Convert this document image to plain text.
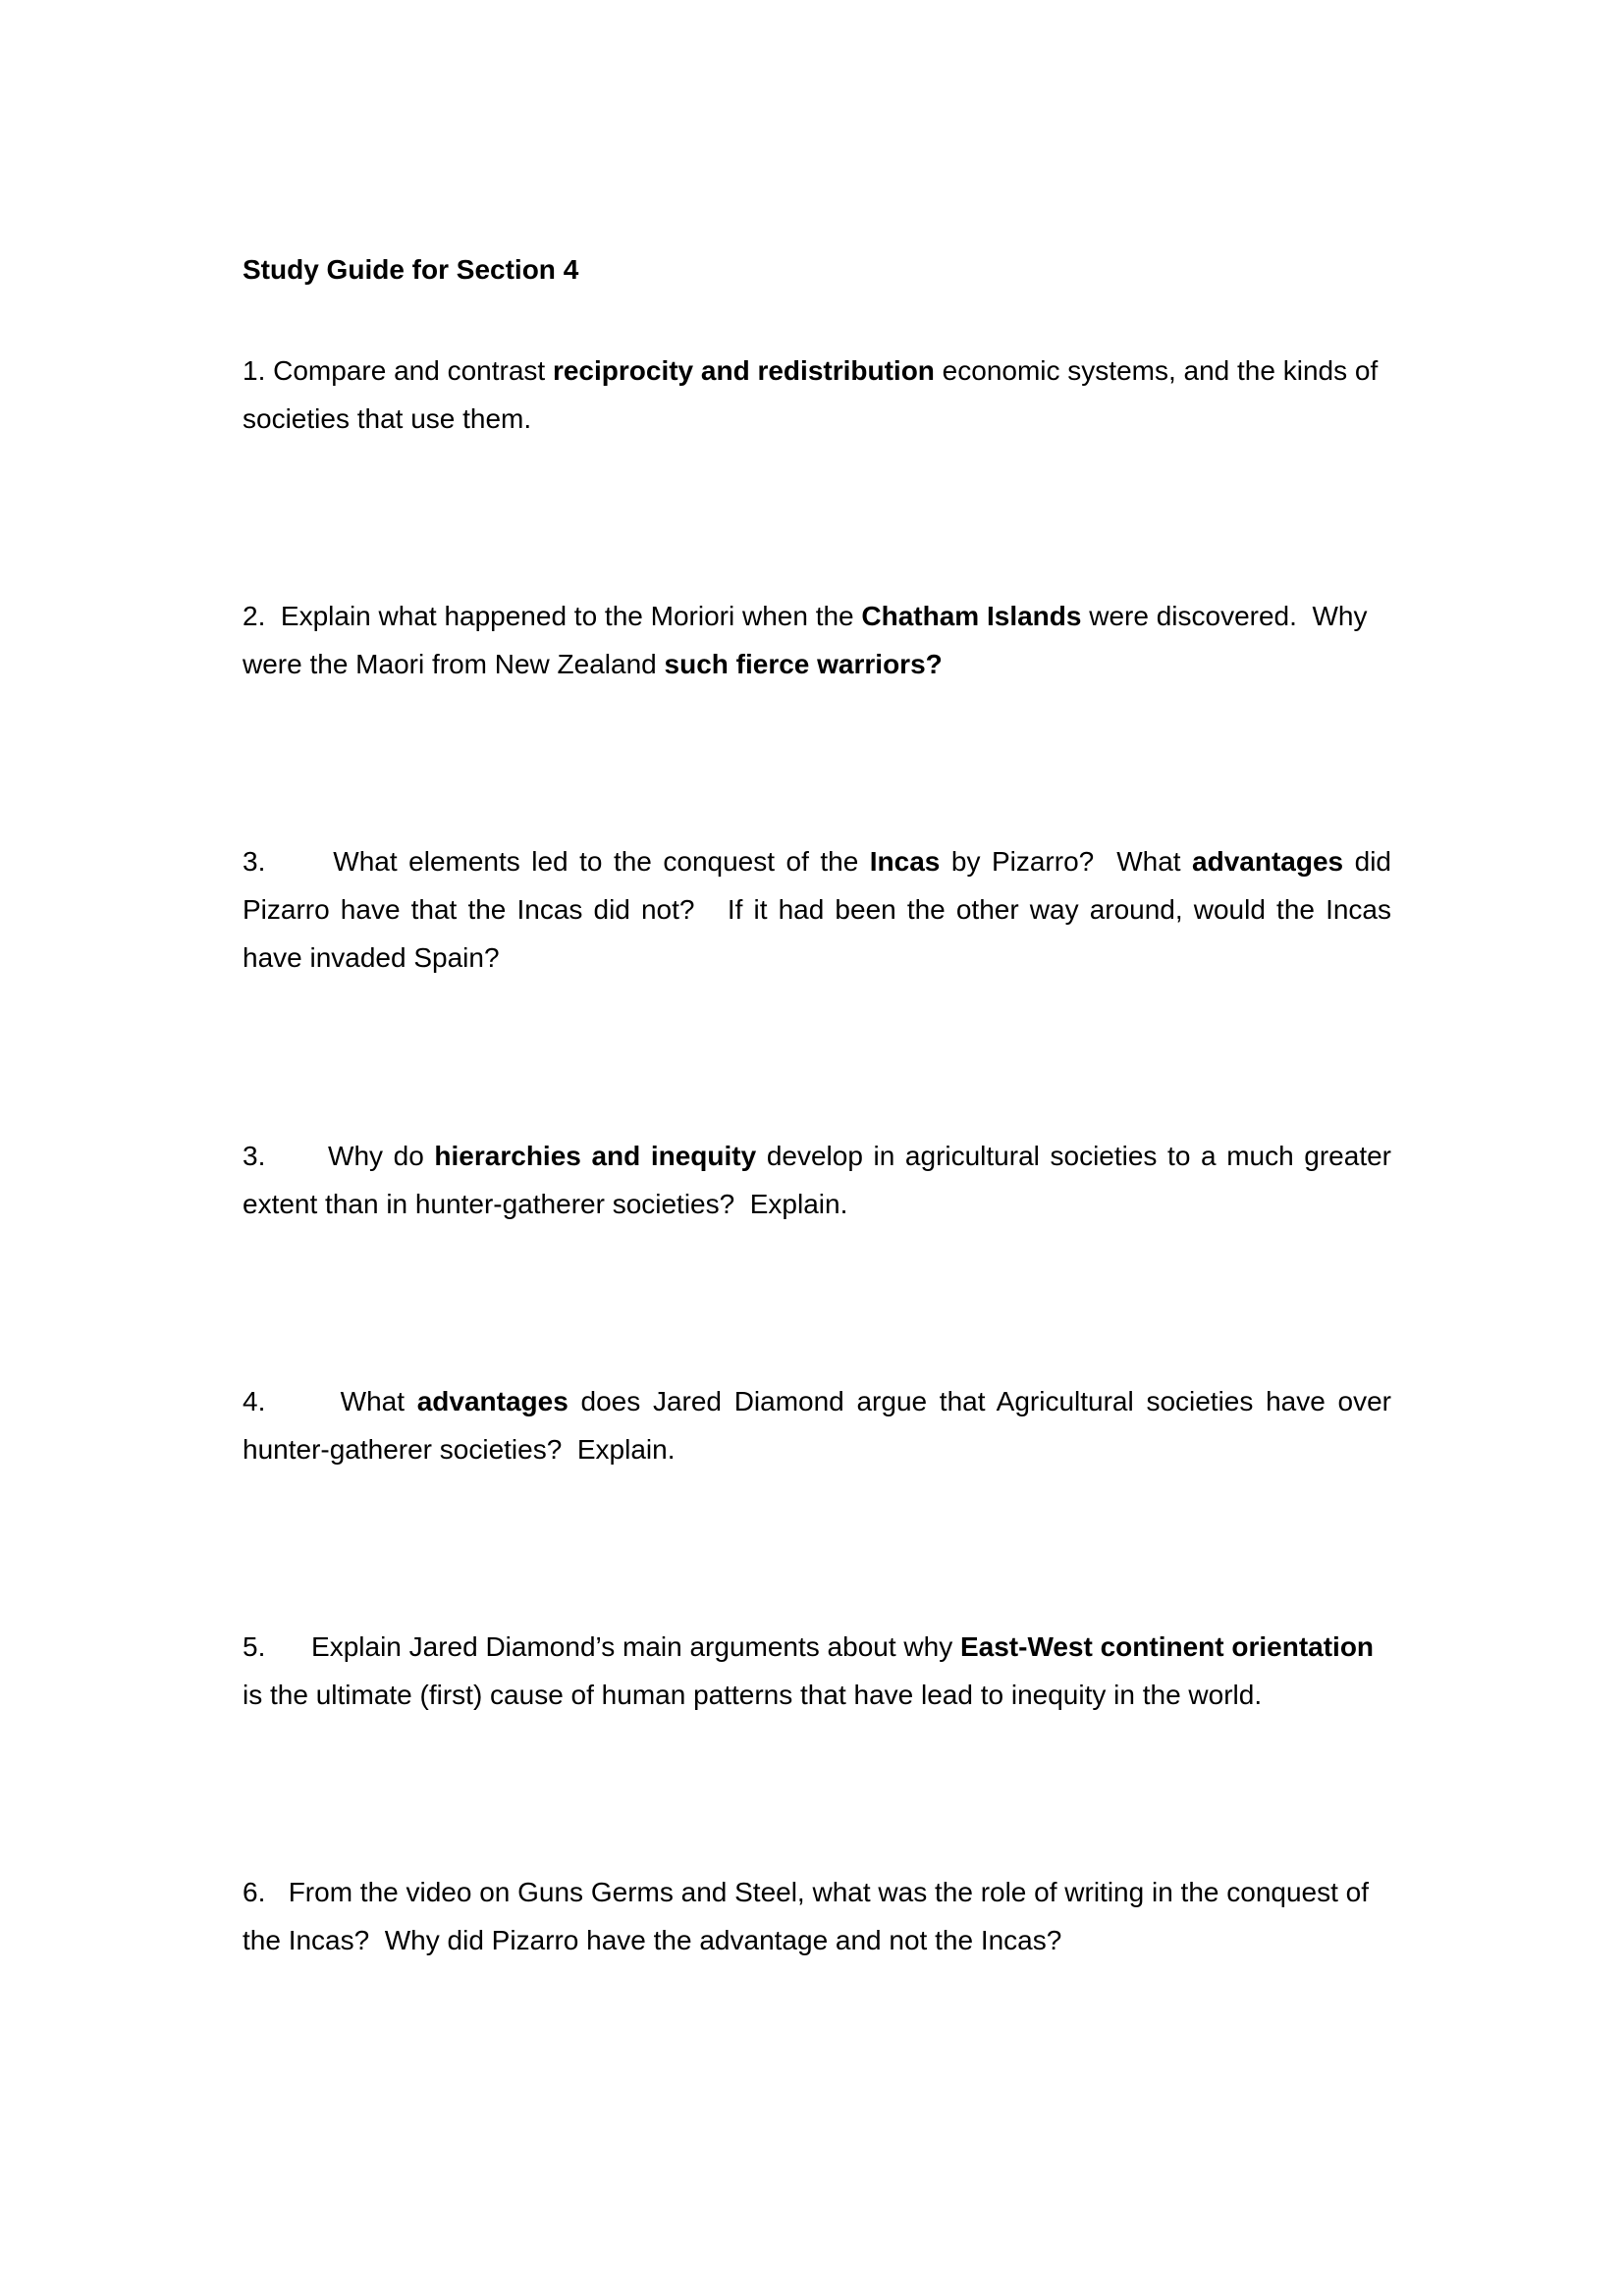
Study Guide for Section 4

1. Compare and contrast reciprocity and redistribution economic systems, and the kinds of societies that use them.

2.  Explain what happened to the Moriori when the Chatham Islands were discovered.  Why were the Maori from New Zealand such fierce warriors?

3.      What elements led to the conquest of the Incas by Pizarro?  What advantages did Pizarro have that the Incas did not?   If it had been the other way around, would the Incas have invaded Spain?

3.      Why do hierarchies and inequity develop in agricultural societies to a much greater extent than in hunter-gatherer societies?  Explain.

4.      What advantages does Jared Diamond argue that Agricultural societies have over hunter-gatherer societies?  Explain.

5.      Explain Jared Diamond’s main arguments about why East-West continent orientation is the ultimate (first) cause of human patterns that have lead to inequity in the world.

6.   From the video on Guns Germs and Steel, what was the role of writing in the conquest of the Incas?  Why did Pizarro have the advantage and not the Incas?
